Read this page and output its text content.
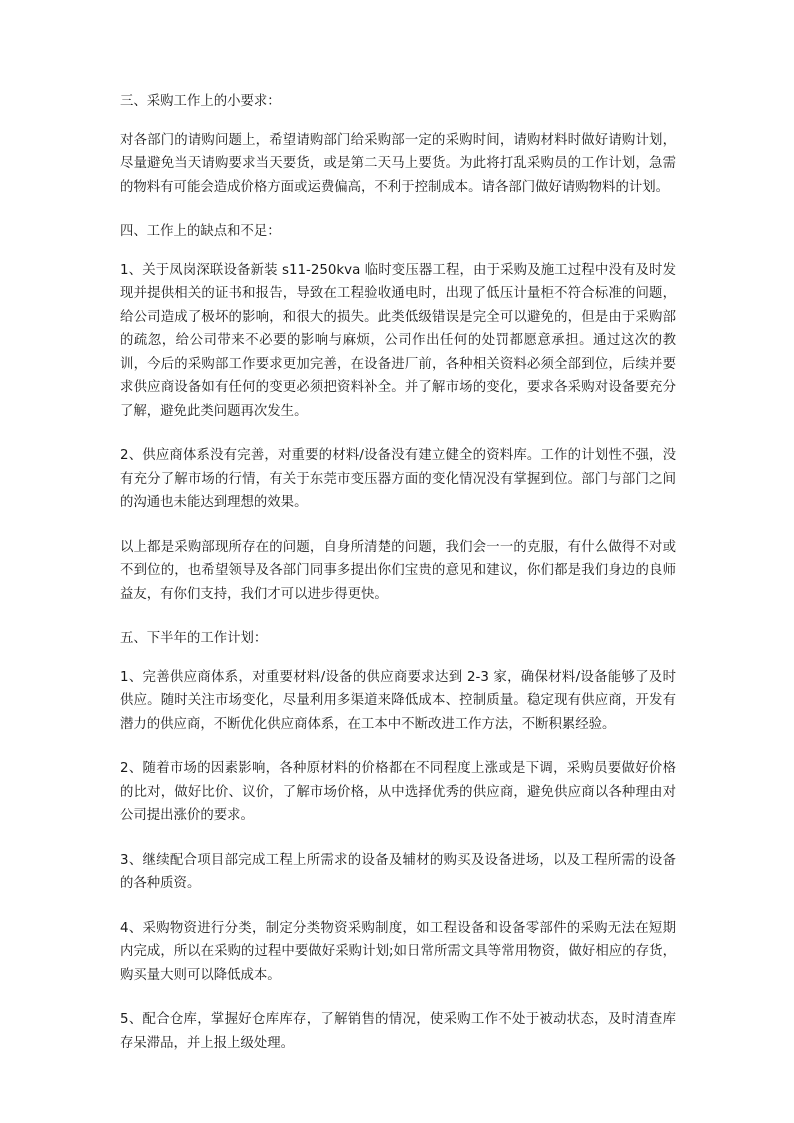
三、采购工作上的小要求：
对各部门的请购问题上，希望请购部门给采购部一定的采购时间，请购材料时做好请购计划，尽量避免当天请购要求当天要货，或是第二天马上要货。为此将打乱采购员的工作计划，急需的物料有可能会造成价格方面或运费偏高，不利于控制成本。请各部门做好请购物料的计划。
四、工作上的缺点和不足：
1、关于凤岗深联设备新装 s11-250kva 临时变压器工程，由于采购及施工过程中没有及时发现并提供相关的证书和报告，导致在工程验收通电时，出现了低压计量柜不符合标准的问题，给公司造成了极坏的影响，和很大的损失。此类低级错误是完全可以避免的，但是由于采购部的疏忽，给公司带来不必要的影响与麻烦，公司作出任何的处罚都愿意承担。通过这次的教训，今后的采购部工作要求更加完善，在设备进厂前，各种相关资料必须全部到位，后续并要求供应商设备如有任何的变更必须把资料补全。并了解市场的变化，要求各采购对设备要充分了解，避免此类问题再次发生。
2、供应商体系没有完善，对重要的材料/设备没有建立健全的资料库。工作的计划性不强，没有充分了解市场的行情，有关于东莞市变压器方面的变化情况没有掌握到位。部门与部门之间的沟通也未能达到理想的效果。
以上都是采购部现所存在的问题，自身所清楚的问题，我们会一一的克服，有什么做得不对或不到位的，也希望领导及各部门同事多提出你们宝贵的意见和建议，你们都是我们身边的良师益友，有你们支持，我们才可以进步得更快。
五、下半年的工作计划：
1、完善供应商体系，对重要材料/设备的供应商要求达到 2-3 家，确保材料/设备能够了及时供应。随时关注市场变化，尽量利用多渠道来降低成本、控制质量。稳定现有供应商，开发有潜力的供应商，不断优化供应商体系，在工本中不断改进工作方法，不断积累经验。
2、随着市场的因素影响，各种原材料的价格都在不同程度上涨或是下调，采购员要做好价格的比对，做好比价、议价，了解市场价格，从中选择优秀的供应商，避免供应商以各种理由对公司提出涨价的要求。
3、继续配合项目部完成工程上所需求的设备及辅材的购买及设备进场，以及工程所需的设备的各种质资。
4、采购物资进行分类，制定分类物资采购制度，如工程设备和设备零部件的采购无法在短期内完成，所以在采购的过程中要做好采购计划;如日常所需文具等常用物资，做好相应的存货，购买量大则可以降低成本。
5、配合仓库，掌握好仓库库存，了解销售的情况，使采购工作不处于被动状态，及时清查库存呆滞品，并上报上级处理。
